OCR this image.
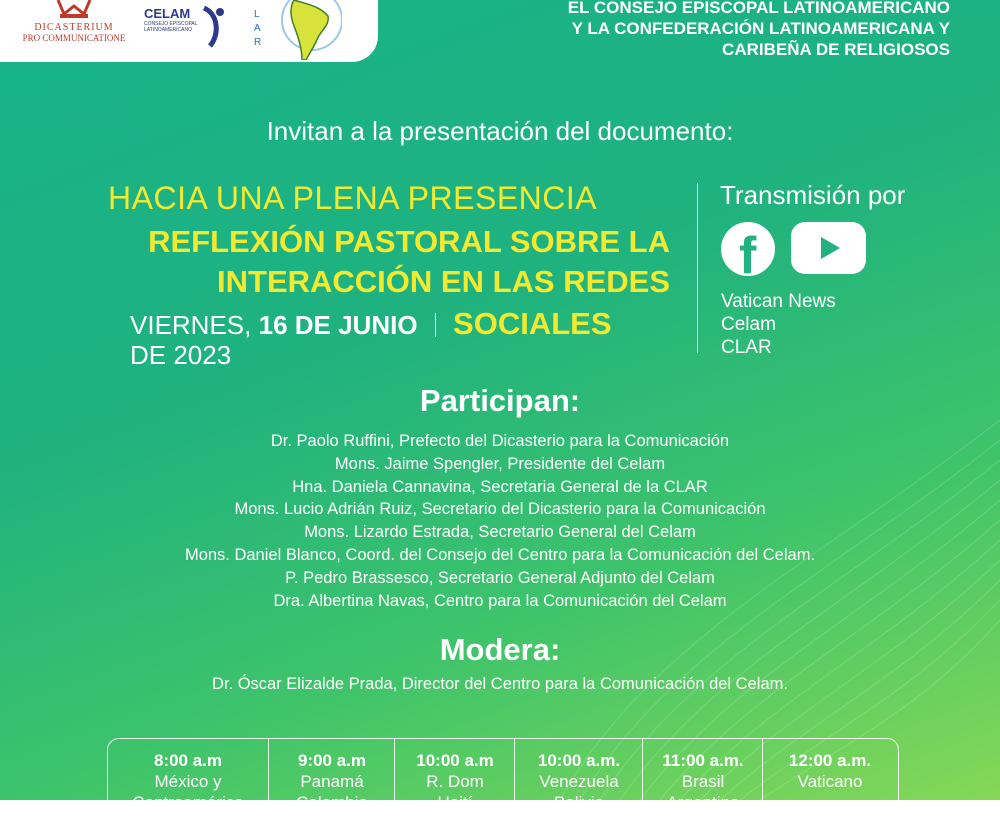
DICASTERIUM
PRO COMMUNICATIONE
CELAM
CONSEJO EPISCOPAL LATINOAMERICANO
L A R
EL CONSEJO EPISCOPAL LATINOAMERICANO
Y LA CONFEDERACIÓN LATINOAMERICANA Y
CARIBEÑA DE RELIGIOSOS
Invitan a la presentación del documento:
HACIA UNA PLENA PRESENCIA
REFLEXIÓN PASTORAL SOBRE LA
INTERACCIÓN EN LAS REDES
VIERNES, 16 DE JUNIO SOCIALES
DE 2023
Transmisión por
f
Vatican News
Celam
CLAR
Participan:
Dr. Paolo Ruffini, Prefecto del Dicasterio para la Comunicación
Mons. Jaime Spengler, Presidente del Celam
Hna. Daniela Cannavina, Secretaria General de la CLAR
Mons. Lucio Adrián Ruiz, Secretario del Dicasterio para la Comunicación
Mons. Lizardo Estrada, Secretario General del Celam
Mons. Daniel Blanco, Coord. del Consejo del Centro para la Comunicación del Celam.
P. Pedro Brassesco, Secretario General Adjunto del Celam
Dra. Albertina Navas, Centro para la Comunicación del Celam
Modera:
Dr. Óscar Elizalde Prada, Director del Centro para la Comunicación del Celam.
8:00 a.m
México y
Centroamérica
9:00 a.m
Panamá
Colombia
10:00 a.m
R. Dom
Haití
10:00 a.m.
Venezuela
Bolivia
11:00 a.m.
Brasil
Argentina
12:00 a.m.
Vaticano
